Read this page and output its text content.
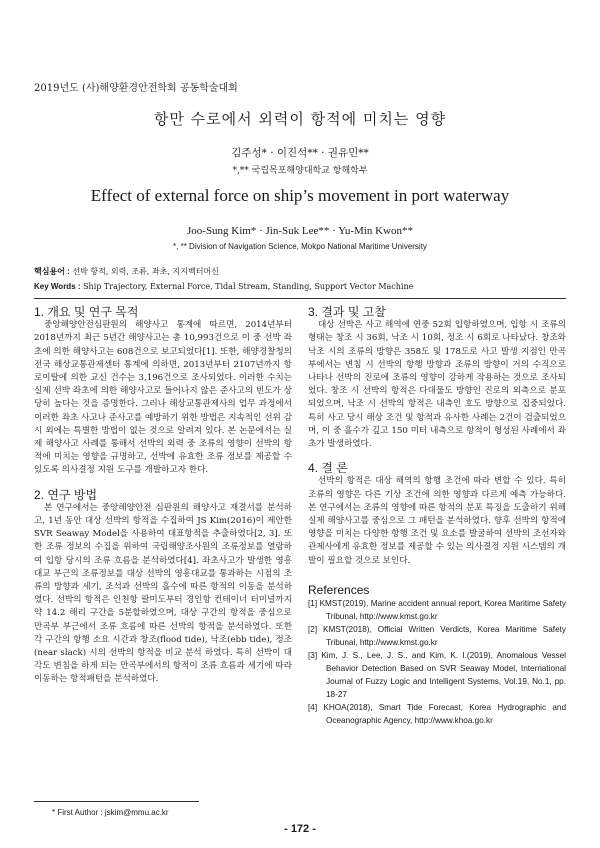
2019년도 (사)해양환경안전학회 공동학술대회
항만 수로에서 외력이 항적에 미치는 영향
김주성* · 이진석** · 권유민**
*,** 국립목포해양대학교 항해학부
Effect of external force on ship’s movement in port waterway
Joo-Sung Kim* · Jin-Suk Lee** · Yu-Min Kwon**
*, ** Division of Navigation Science, Mokpo National Maritime University
핵심용어 : 선박 항적, 외력, 조류, 좌초, 지지벡터머신
Key Words : Ship Trajectory, External Force, Tidal Stream, Standing, Support Vector Machine
1. 개요 및 연구 목적

중앙해양안전심판원의 해양사고 통계에 따르면, 2014년부터 2018년까지 최근 5년간 해양사고는 총 10,993건으로 이 중 선박 좌초에 의한 해양사고는 608건으로 보고되었다[1]. 또한, 해양경찰청의 전국 해상교통관제센터 통계에 의하면, 2013년부터 2107년까지 항로이탈에 의한 교신 건수는 3,196건으로 조사되었다. 이러한 수치는 실제 선박 좌초에 의한 해양사고로 들어나지 않은 준사고의 빈도가 상당히 높다는 것을 증명한다. 그러나 해상교통관제사의 업무 과정에서 이러한 좌초 사고나 준사고를 예방하기 위한 방법은 지속적인 선위 감시 외에는 특별한 방법이 없는 것으로 알려져 있다. 본 논문에서는 실제 해양사고 사례를 통해서 선박의 외력 중 조류의 영향이 선박의 항적에 미치는 영향을 규명하고, 선박에 유효한 조류 정보를 제공할 수 있도록 의사결정 지원 도구를 개발하고자 한다.

2. 연구 방법

본 연구에서는 중앙해양안전 심판원의 해양사고 재결서를 분석하고, 1년 동안 대상 선박의 항적을 수집하여 JS Kim(2016)이 제안한 SVR Seaway Model을 사용하여 대표항적을 추출하였다[2, 3]. 또한 조류 정보의 수집을 위하여 국립해양조사원의 조류정보를 열람하여 입항 당시의 조류 흐름을 분석하였다[4]. 좌초사고가 발생한 영흥대교 부근의 조류정보를 대상 선박의 영흥대교를 통과하는 시점의 조류의 방향과 세기, 조석과 선박의 흘수에 따른 항적의 이동을 분석하였다. 선박의 항적은 인천항 팔미도부터 경인항 컨테이너 터미널까지 약 14.2 해리 구간을 5분할하였으며, 대상 구간의 항적을 중심으로 만곡부 부근에서 조류 흐름에 따른 선박의 항적을 분석하였다. 또한 각 구간의 항행 소요 시간과 창조(flood tide), 낙조(ebb tide), 정조(near slack) 시의 선박의 항적을 비교 분석 하였다. 특히 선박이 대각도 변침을 하게 되는 만곡부에서의 항적이 조류 흐름과 세기에 따라 이동하는 항적패턴을 분석하였다.

3. 결과 및 고찰

대상 선박은 사고 해역에 연중 52회 입항하였으며, 입항 시 조류의 형태는 창조 시 36회, 낙조 시 10회, 정조 시 6회로 나타났다. 창조와 낙조 시의 조류의 방향은 358도 및 178도로 사고 발생 지점인 만곡부에서는 변침 시 선박의 항행 방향과 조류의 방향이 거의 수직으로 나타나 선박의 진로에 조류의 영향이 강하게 작용하는 것으로 조사되었다. 창조 시 선박의 항적은 다대물도 방향인 진로의 외측으로 분포되었으며, 낙조 시 선박의 항적은 내측인 호도 방향으로 집중되었다. 특히 사고 당시 해상 조건 및 항적과 유사한 사례는 2건이 검출되었으며, 이 중 흘수가 깊고 150 미터 내측으로 항적이 형성된 사례에서 좌초가 발생하였다.

4. 결 론

선박의 항적은 대상 해역의 항행 조건에 따라 변할 수 있다. 특히 조류의 영향은 다른 기상 조건에 의한 영향과 다르게 예측 가능하다. 본 연구에서는 조류의 영향에 따른 항적의 분포 특징을 도출하기 위해 실제 해양사고를 중심으로 그 패턴을 분석하였다. 향후 선박의 항적에 영향을 미치는 다양한 항행 조건 및 요소를 발굴하여 선박의 조선자와 관제사에게 유효한 정보를 제공할 수 있는 의사결정 지원 시스템의 개발이 필요할 것으로 보인다.

References
[1] KMST(2019), Marine accident annual report, Korea Maritime Safety Tribunal, http://www.kmst.go.kr
[2] KMST(2018), Official Written Verdicts, Korea Maritime Safety Tribunal, http://www.kmst.go.kr
[3] Kim, J. S., Lee, J. S., and Kim, K. I.(2019), Anomalous Vessel Behavior Detection Based on SVR Seaway Model, International Journal of Fuzzy Logic and Intelligent Systems, Vol.19, No.1, pp. 18-27
[4] KHOA(2018), Smart Tide Forecast, Korea Hydrographic and Oceanographic Agency, http://www.khoa.go.kr
* First Author : jskim@mmu.ac.kr
- 172 -
